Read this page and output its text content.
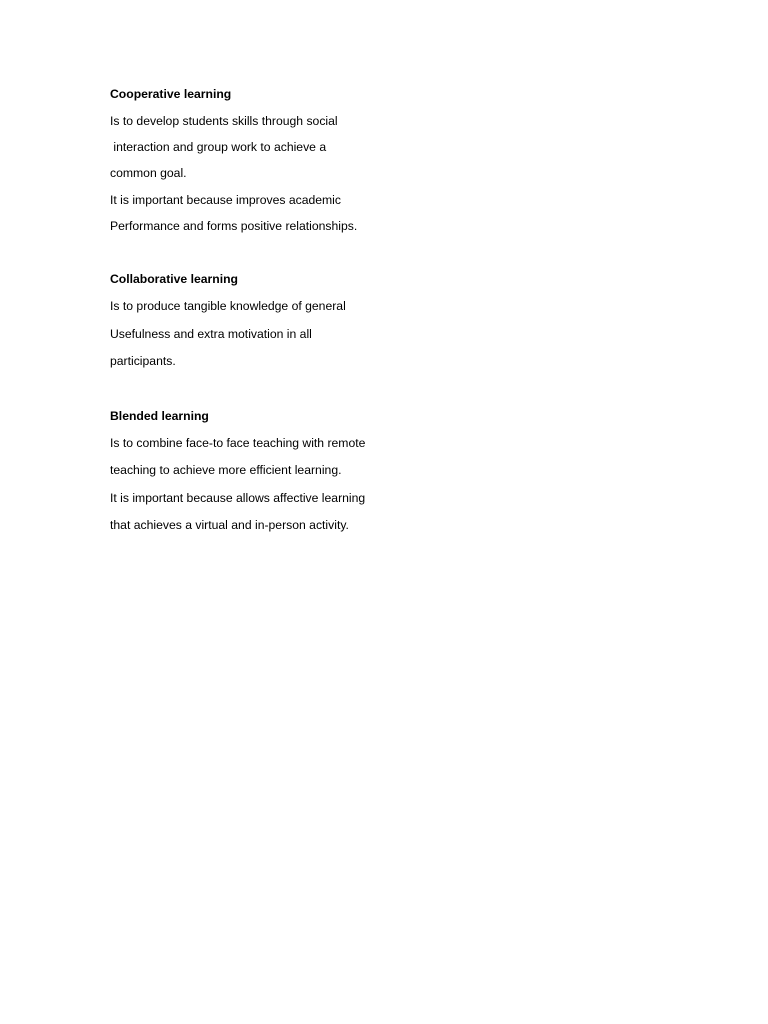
Cooperative learning
Is to develop students skills through social
interaction and group work to achieve a
common goal.
It is important because improves academic
Performance and forms positive relationships.
Collaborative learning
Is to produce tangible knowledge of general
Usefulness and extra motivation in all
participants.
Blended learning
Is to combine face-to face teaching with remote
teaching to achieve more efficient learning.
It is important because allows affective learning
that achieves a virtual and in-person activity.
